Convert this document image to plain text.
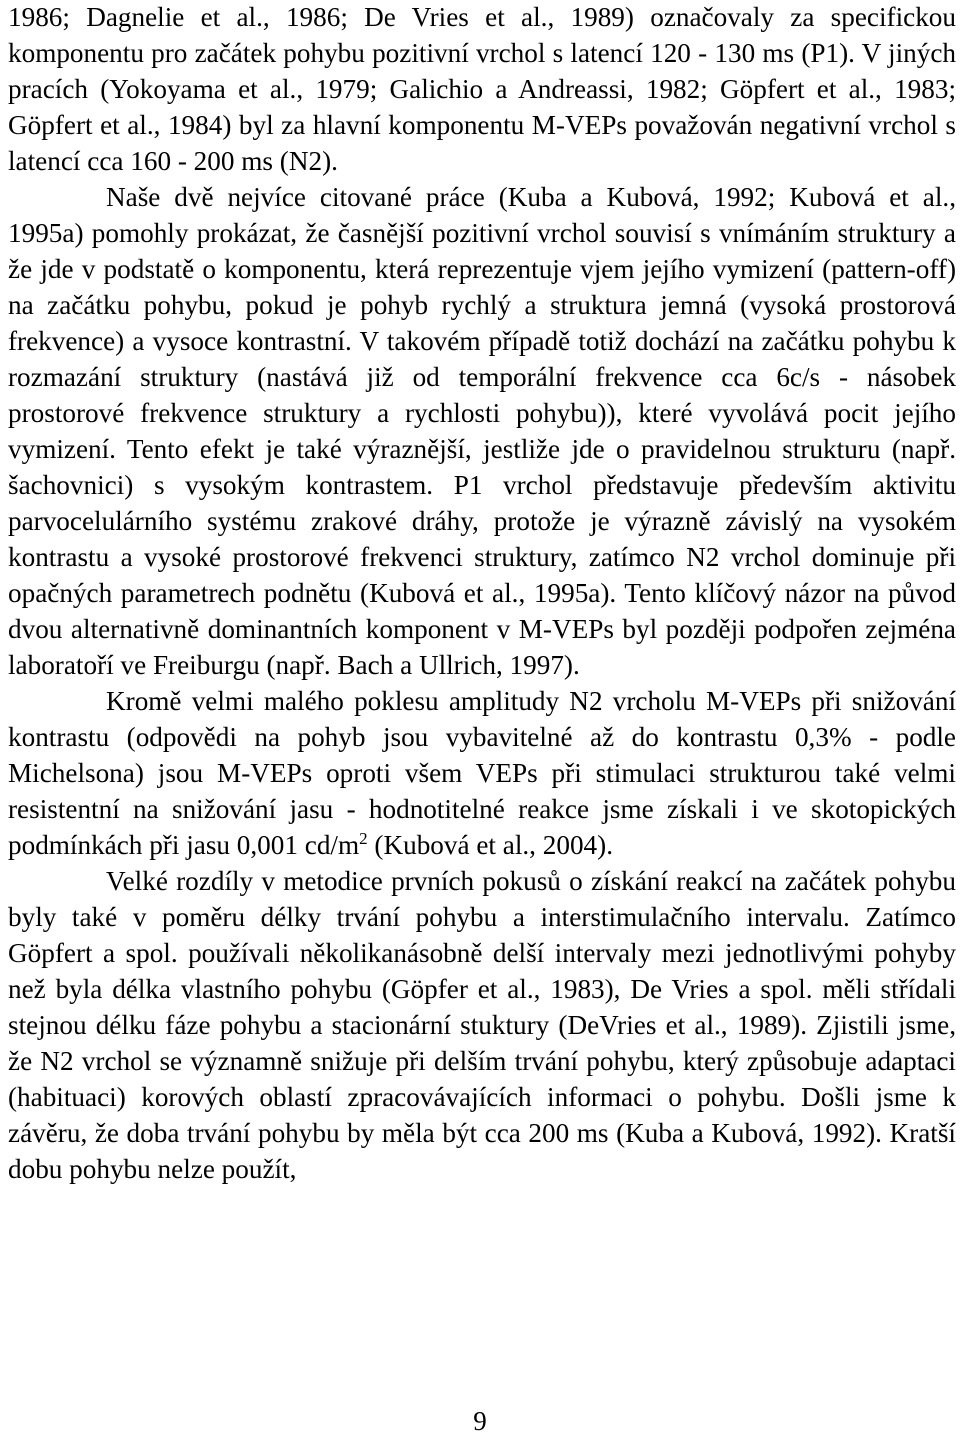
1986; Dagnelie et al., 1986; De Vries et al., 1989) označovaly za specifickou komponentu pro začátek pohybu pozitivní vrchol s latencí 120 - 130 ms (P1). V jiných pracích (Yokoyama et al., 1979; Galichio a Andreassi, 1982; Göpfert et al., 1983; Göpfert et al., 1984) byl za hlavní komponentu M-VEPs považován negativní vrchol s latencí cca 160 - 200 ms (N2).

Naše dvě nejvíce citované práce (Kuba a Kubová, 1992; Kubová et al., 1995a) pomohly prokázat, že časnější pozitivní vrchol souvisí s vnímáním struktury a že jde v podstatě o komponentu, která reprezentuje vjem jejího vymizení (pattern-off) na začátku pohybu, pokud je pohyb rychlý a struktura jemná (vysoká prostorová frekvence) a vysoce kontrastní. V takovém případě totiž dochází na začátku pohybu k rozmazání struktury (nastává již od temporální frekvence cca 6c/s - násobek prostorové frekvence struktury a rychlosti pohybu)), které vyvolává pocit jejího vymizení. Tento efekt je také výraznější, jestliže jde o pravidelnou strukturu (např. šachovnici) s vysokým kontrastem. P1 vrchol představuje především aktivitu parvocelulárního systému zrakové dráhy, protože je výrazně závislý na vysokém kontrastu a vysoké prostorové frekvenci struktury, zatímco N2 vrchol dominuje při opačných parametrech podnětu (Kubová et al., 1995a). Tento klíčový názor na původ dvou alternativně dominantních komponent v M-VEPs byl později podpořen zejména laboratoří ve Freiburgu (např. Bach a Ullrich, 1997).

Kromě velmi malého poklesu amplitudy N2 vrcholu M-VEPs při snižování kontrastu (odpovědi na pohyb jsou vybavitelné až do kontrastu 0,3% - podle Michelsona) jsou M-VEPs oproti všem VEPs při stimulaci strukturou také velmi resistentní na snižování jasu - hodnotitelné reakce jsme získali i ve skotopických podmínkách při jasu 0,001 $cd/m^2$ (Kubová et al., 2004).

Velké rozdíly v metodice prvních pokusů o získání reakcí na začátek pohybu byly také v poměru délky trvání pohybu a interstimulačního intervalu. Zatímco Göpfert a spol. používali několikanásobně delší intervaly mezi jednotlivými pohyby než byla délka vlastního pohybu (Göpfer et al., 1983), De Vries a spol. měli střídali stejnou délku fáze pohybu a stacionární stuktury (DeVries et al., 1989). Zjistili jsme, že N2 vrchol se významně snižuje při delším trvání pohybu, který způsobuje adaptaci (habituaci) korových oblastí zpracovávajících informaci o pohybu. Došli jsme k závěru, že doba trvání pohybu by měla být cca 200 ms (Kuba a Kubová, 1992). Kratší dobu pohybu nelze použít,

9
